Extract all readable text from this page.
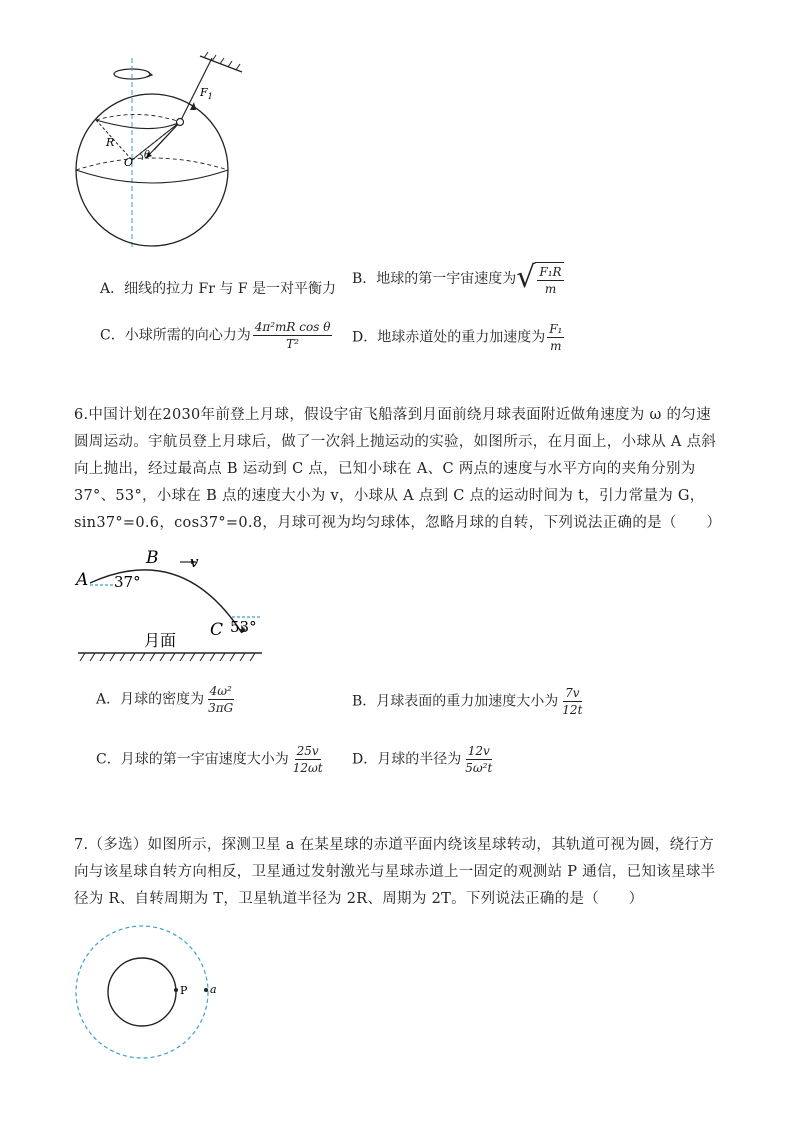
$F_1$
R
O
θ
A．细线的拉力 Fr 与 F 是一对平衡力
B．地球的第一宇宙速度为 √ $\frac{\text{F₁R}}{m}$
C．小球所需的向心力为 $\frac{\text{4π²mR cos θ}}{\text{T²}}$ D．地球赤道处的重力加速度为 $\frac{\text{F₁}}{m}$
6.中国计划在2030年前登上月球，假设宇宙飞船落到月面前绕月球表面附近做角速度为 ω 的匀速圆周运动。宇航员登上月球后，做了一次斜上抛运动的实验，如图所示，在月面上，小球从 A 点斜向上抛出，经过最高点 B 运动到 C 点，已知小球在 A、C 两点的速度与水平方向的夹角分别为 37°、53°，小球在 B 点的速度大小为 v，小球从 A 点到 C 点的运动时间为 t，引力常量为 G，sin37°=0.6，cos37°=0.8，月球可视为均匀球体，忽略月球的自转，下列说法正确的是（　　）
A
B
C
v
37°
53°
月面
A．月球的密度为 $\frac{\text{4ω²}}{3\pi G}$	B．月球表面的重力加速度大小为 $\frac{7v}{12t}$
C．月球的第一宇宙速度大小为 $\frac{25v}{12\omega t}$ D．月球的半径为 $\frac{12v}{\text{5ω²t}}$
7.（多选）如图所示，探测卫星 a 在某星球的赤道平面内绕该星球转动，其轨道可视为圆，绕行方向与该星球自转方向相反，卫星通过发射激光与星球赤道上一固定的观测站 P 通信，已知该星球半径为 R、自转周期为 T，卫星轨道半径为 2R、周期为 2T。下列说法正确的是（　　）
P a
